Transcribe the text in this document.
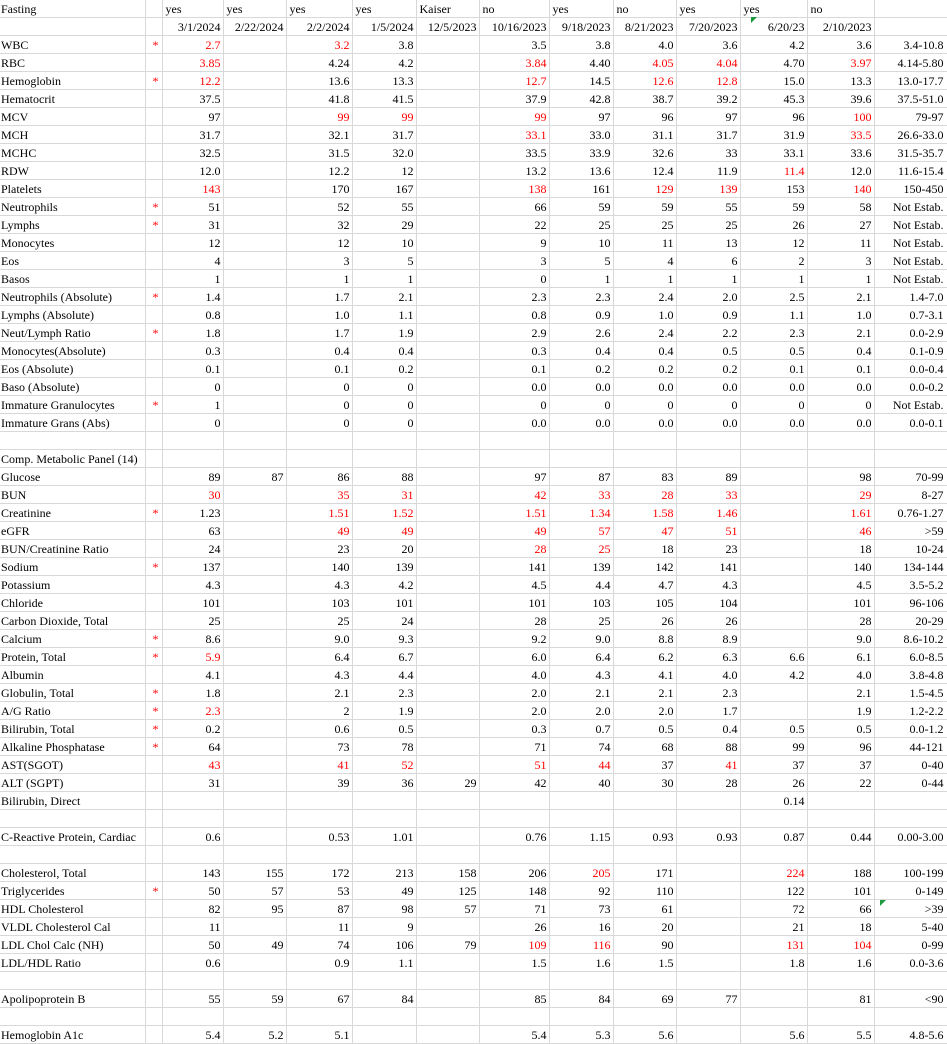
Fasting		yes	yes	yes	yes	Kaiser	no	yes	no	yes	yes	no	
		3/1/2024	2/22/2024	2/2/2024	1/5/2024	12/5/2023	10/16/2023	9/18/2023	8/21/2023	7/20/2023	6/20/23	2/10/2023	
WBC	*	2.7		3.2	3.8		3.5	3.8	4.0	3.6	4.2	3.6	3.4-10.8
RBC		3.85		4.24	4.2		3.84	4.40	4.05	4.04	4.70	3.97	4.14-5.80
Hemoglobin	*	12.2		13.6	13.3		12.7	14.5	12.6	12.8	15.0	13.3	13.0-17.7
Hematocrit		37.5		41.8	41.5		37.9	42.8	38.7	39.2	45.3	39.6	37.5-51.0
MCV		97		99	99		99	97	96	97	96	100	79-97
MCH		31.7		32.1	31.7		33.1	33.0	31.1	31.7	31.9	33.5	26.6-33.0
MCHC		32.5		31.5	32.0		33.5	33.9	32.6	33	33.1	33.6	31.5-35.7
RDW		12.0		12.2	12		13.2	13.6	12.4	11.9	11.4	12.0	11.6-15.4
Platelets		143		170	167		138	161	129	139	153	140	150-450
Neutrophils	*	51		52	55		66	59	59	55	59	58	Not Estab.
Lymphs	*	31		32	29		22	25	25	25	26	27	Not Estab.
Monocytes		12		12	10		9	10	11	13	12	11	Not Estab.
Eos		4		3	5		3	5	4	6	2	3	Not Estab.
Basos		1		1	1		0	1	1	1	1	1	Not Estab.
Neutrophils (Absolute)	*	1.4		1.7	2.1		2.3	2.3	2.4	2.0	2.5	2.1	1.4-7.0
Lymphs (Absolute)		0.8		1.0	1.1		0.8	0.9	1.0	0.9	1.1	1.0	0.7-3.1
Neut/Lymph Ratio	*	1.8		1.7	1.9		2.9	2.6	2.4	2.2	2.3	2.1	0.0-2.9
Monocytes(Absolute)		0.3		0.4	0.4		0.3	0.4	0.4	0.5	0.5	0.4	0.1-0.9
Eos (Absolute)		0.1		0.1	0.2		0.1	0.2	0.2	0.2	0.1	0.1	0.0-0.4
Baso (Absolute)		0		0	0		0.0	0.0	0.0	0.0	0.0	0.0	0.0-0.2
Immature Granulocytes	*	1		0	0		0	0	0	0	0	0	Not Estab.
Immature Grans (Abs)		0		0	0		0.0	0.0	0.0	0.0	0.0	0.0	0.0-0.1

Comp. Metabolic Panel (14)													
Glucose		89	87	86	88		97	87	83	89		98	70-99
BUN		30		35	31		42	33	28	33		29	8-27
Creatinine	*	1.23		1.51	1.52		1.51	1.34	1.58	1.46		1.61	0.76-1.27
eGFR		63		49	49		49	57	47	51		46	>59
BUN/Creatinine Ratio		24		23	20		28	25	18	23		18	10-24
Sodium	*	137		140	139		141	139	142	141		140	134-144
Potassium		4.3		4.3	4.2		4.5	4.4	4.7	4.3		4.5	3.5-5.2
Chloride		101		103	101		101	103	105	104		101	96-106
Carbon Dioxide, Total		25		25	24		28	25	26	26		28	20-29
Calcium	*	8.6		9.0	9.3		9.2	9.0	8.8	8.9		9.0	8.6-10.2
Protein, Total	*	5.9		6.4	6.7		6.0	6.4	6.2	6.3	6.6	6.1	6.0-8.5
Albumin		4.1		4.3	4.4		4.0	4.3	4.1	4.0	4.2	4.0	3.8-4.8
Globulin, Total	*	1.8		2.1	2.3		2.0	2.1	2.1	2.3		2.1	1.5-4.5
A/G Ratio	*	2.3		2	1.9		2.0	2.0	2.0	1.7		1.9	1.2-2.2
Bilirubin, Total	*	0.2		0.6	0.5		0.3	0.7	0.5	0.4	0.5	0.5	0.0-1.2
Alkaline Phosphatase	*	64		73	78		71	74	68	88	99	96	44-121
AST(SGOT)		43		41	52		51	44	37	41	37	37	0-40
ALT (SGPT)		31		39	36	29	42	40	30	28	26	22	0-44
Bilirubin, Direct											0.14		

C-Reactive Protein, Cardiac		0.6		0.53	1.01		0.76	1.15	0.93	0.93	0.87	0.44	0.00-3.00

Cholesterol, Total		143	155	172	213	158	206	205	171		224	188	100-199
Triglycerides	*	50	57	53	49	125	148	92	110		122	101	0-149
HDL Cholesterol		82	95	87	98	57	71	73	61		72	66	>39
VLDL Cholesterol Cal		11		11	9		26	16	20		21	18	5-40
LDL Chol Calc (NH)		50	49	74	106	79	109	116	90		131	104	0-99
LDL/HDL Ratio		0.6		0.9	1.1		1.5	1.6	1.5		1.8	1.6	0.0-3.6

Apolipoprotein B		55	59	67	84		85	84	69	77		81	<90

Hemoglobin A1c		5.4	5.2	5.1			5.4	5.3	5.6		5.6	5.5	4.8-5.6
